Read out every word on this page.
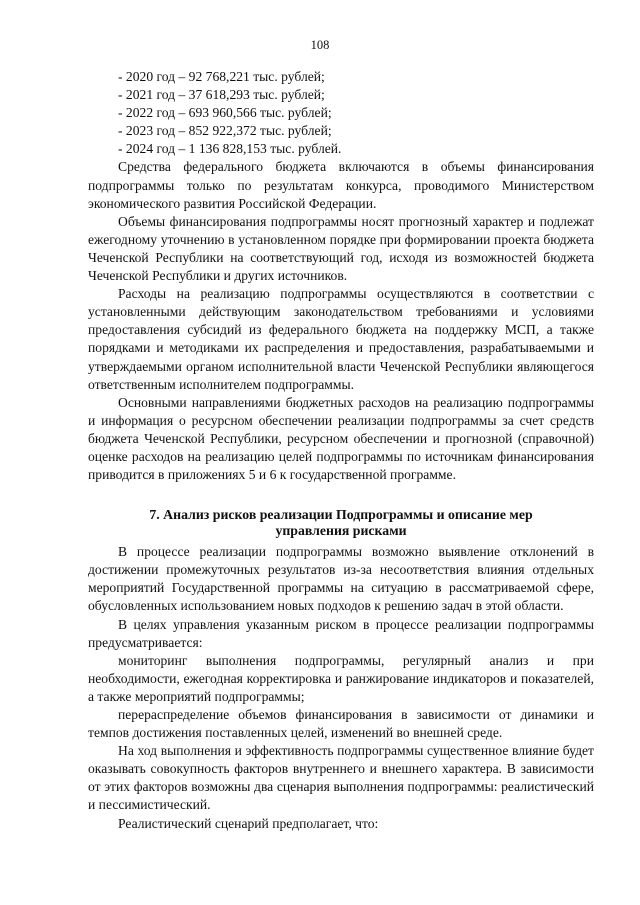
108

- 2020 год – 92 768,221 тыс. рублей;

- 2021 год – 37 618,293 тыс. рублей;

- 2022 год – 693 960,566 тыс. рублей;

- 2023 год – 852 922,372 тыс. рублей;

- 2024 год – 1 136 828,153 тыс. рублей.

Средства федерального бюджета включаются в объемы финансирования подпрограммы только по результатам конкурса, проводимого Министерством экономического развития Российской Федерации.

Объемы финансирования подпрограммы носят прогнозный характер и подлежат ежегодному уточнению в установленном порядке при формировании проекта бюджета Чеченской Республики на соответствующий год, исходя из возможностей бюджета Чеченской Республики и других источников.

Расходы на реализацию подпрограммы осуществляются в соответствии с установленными действующим законодательством требованиями и условиями предоставления субсидий из федерального бюджета на поддержку МСП, а также порядками и методиками их распределения и предоставления, разрабатываемыми и утверждаемыми органом исполнительной власти Чеченской Республики являющегося ответственным исполнителем подпрограммы.

Основными направлениями бюджетных расходов на реализацию подпрограммы и информация о ресурсном обеспечении реализации подпрограммы за счет средств бюджета Чеченской Республики, ресурсном обеспечении и прогнозной (справочной) оценке расходов на реализацию целей подпрограммы по источникам финансирования приводится в приложениях 5 и 6 к государственной программе.

7. Анализ рисков реализации Подпрограммы и описание мер
управления рисками

В процессе реализации подпрограммы возможно выявление отклонений в достижении промежуточных результатов из-за несоответствия влияния отдельных мероприятий Государственной программы на ситуацию в рассматриваемой сфере, обусловленных использованием новых подходов к решению задач в этой области.

В целях управления указанным риском в процессе реализации подпрограммы предусматривается:

мониторинг выполнения подпрограммы, регулярный анализ и при необходимости, ежегодная корректировка и ранжирование индикаторов и показателей, а также мероприятий подпрограммы;

перераспределение объемов финансирования в зависимости от динамики и темпов достижения поставленных целей, изменений во внешней среде.

На ход выполнения и эффективность подпрограммы существенное влияние будет оказывать совокупность факторов внутреннего и внешнего характера. В зависимости от этих факторов возможны два сценария выполнения подпрограммы: реалистический и пессимистический.

Реалистический сценарий предполагает, что:
